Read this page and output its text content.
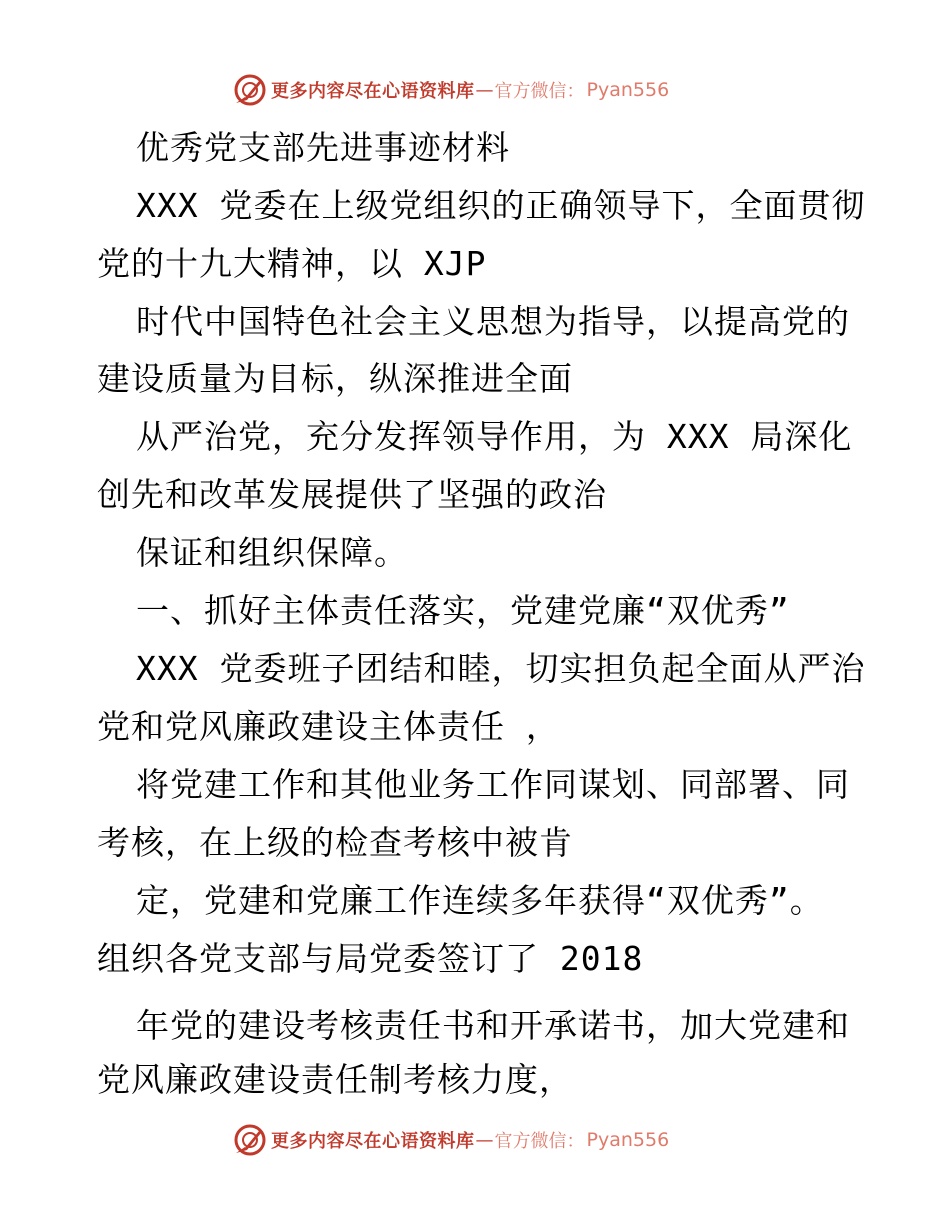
更多内容尽在心语资料库 — 官方微信： Pyan556
优秀党支部先进事迹材料
XXX 党委在上级党组织的正确领导下，全面贯彻
党的十九大精神，以 XJP
时代中国特色社会主义思想为指导，以提高党的
建设质量为目标，纵深推进全面
从严治党，充分发挥领导作用，为 XXX 局深化
创先和改革发展提供了坚强的政治
保证和组织保障。
一、抓好主体责任落实，党建党廉“双优秀”
XXX 党委班子团结和睦，切实担负起全面从严治
党和党风廉政建设主体责任 ，
将党建工作和其他业务工作同谋划、同部署、同
考核，在上级的检查考核中被肯
定，党建和党廉工作连续多年获得“双优秀”。
组织各党支部与局党委签订了 2018
年党的建设考核责任书和开承诺书，加大党建和
党风廉政建设责任制考核力度，
更多内容尽在心语资料库 — 官方微信： Pyan556
